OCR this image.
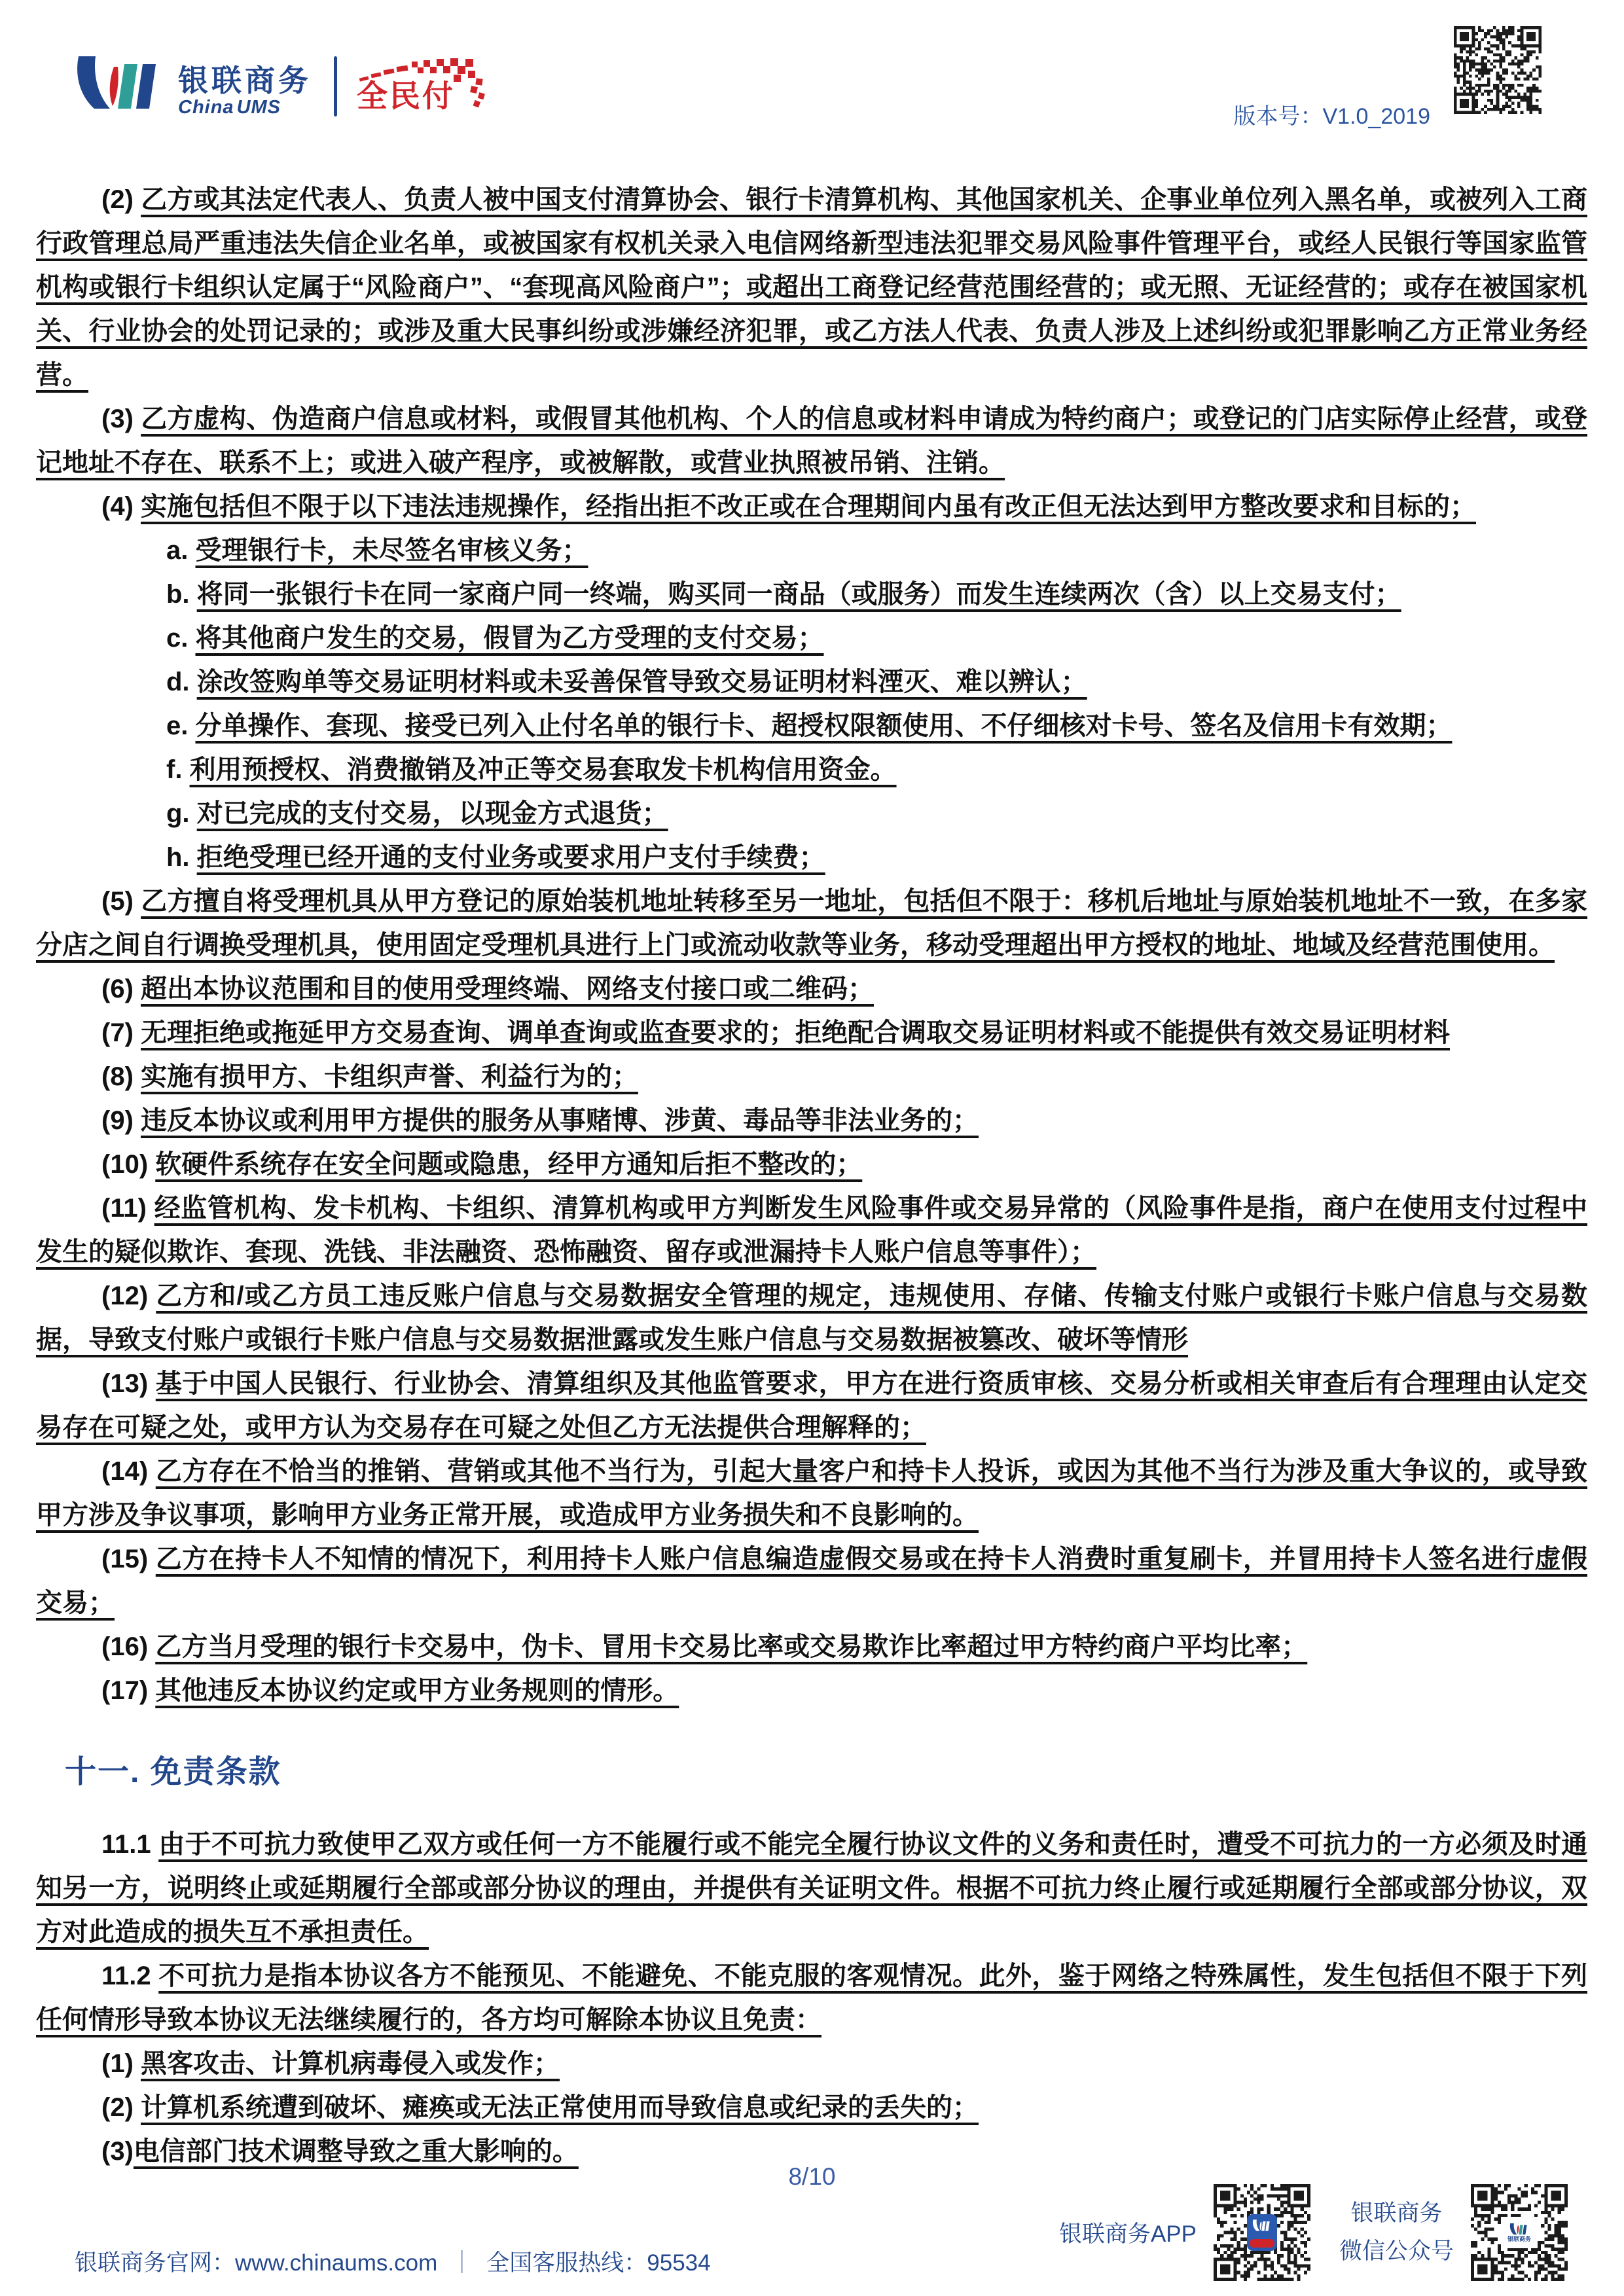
银联商务
China UMS	全民付
版本号：V1.0_2019

(2) 乙方或其法定代表人、负责人被中国支付清算协会、银行卡清算机构、其他国家机关、企事业单位列入黑名单，或被列入工商行政管理总局严重违法失信企业名单，或被国家有权机关录入电信网络新型违法犯罪交易风险事件管理平台，或经人民银行等国家监管机构或银行卡组织认定属于“风险商户”、“套现高风险商户”；或超出工商登记经营范围经营的；或无照、无证经营的；或存在被国家机关、行业协会的处罚记录的；或涉及重大民事纠纷或涉嫌经济犯罪，或乙方法人代表、负责人涉及上述纠纷或犯罪影响乙方正常业务经营。

(3) 乙方虚构、伪造商户信息或材料，或假冒其他机构、个人的信息或材料申请成为特约商户；或登记的门店实际停止经营，或登记地址不存在、联系不上；或进入破产程序，或被解散，或营业执照被吊销、注销。

(4) 实施包括但不限于以下违法违规操作，经指出拒不改正或在合理期间内虽有改正但无法达到甲方整改要求和目标的；

a. 受理银行卡，未尽签名审核义务；

b. 将同一张银行卡在同一家商户同一终端，购买同一商品（或服务）而发生连续两次（含）以上交易支付；

c. 将其他商户发生的交易，假冒为乙方受理的支付交易；

d. 涂改签购单等交易证明材料或未妥善保管导致交易证明材料湮灭、难以辨认；

e. 分单操作、套现、接受已列入止付名单的银行卡、超授权限额使用、不仔细核对卡号、签名及信用卡有效期；

f. 利用预授权、消费撤销及冲正等交易套取发卡机构信用资金。

g. 对已完成的支付交易，以现金方式退货；

h. 拒绝受理已经开通的支付业务或要求用户支付手续费；

(5) 乙方擅自将受理机具从甲方登记的原始装机地址转移至另一地址，包括但不限于：移机后地址与原始装机地址不一致，在多家分店之间自行调换受理机具，使用固定受理机具进行上门或流动收款等业务，移动受理超出甲方授权的地址、地域及经营范围使用。

(6) 超出本协议范围和目的使用受理终端、网络支付接口或二维码；

(7) 无理拒绝或拖延甲方交易查询、调单查询或监查要求的；拒绝配合调取交易证明材料或不能提供有效交易证明材料

(8) 实施有损甲方、卡组织声誉、利益行为的；

(9) 违反本协议或利用甲方提供的服务从事赌博、涉黄、毒品等非法业务的；

(10) 软硬件系统存在安全问题或隐患，经甲方通知后拒不整改的；

(11) 经监管机构、发卡机构、卡组织、清算机构或甲方判断发生风险事件或交易异常的（风险事件是指，商户在使用支付过程中发生的疑似欺诈、套现、洗钱、非法融资、恐怖融资、留存或泄漏持卡人账户信息等事件）；

(12) 乙方和/或乙方员工违反账户信息与交易数据安全管理的规定，违规使用、存储、传输支付账户或银行卡账户信息与交易数据，导致支付账户或银行卡账户信息与交易数据泄露或发生账户信息与交易数据被篡改、破坏等情形

(13) 基于中国人民银行、行业协会、清算组织及其他监管要求，甲方在进行资质审核、交易分析或相关审查后有合理理由认定交易存在可疑之处，或甲方认为交易存在可疑之处但乙方无法提供合理解释的；

(14) 乙方存在不恰当的推销、营销或其他不当行为，引起大量客户和持卡人投诉，或因为其他不当行为涉及重大争议的，或导致甲方涉及争议事项，影响甲方业务正常开展，或造成甲方业务损失和不良影响的。

(15) 乙方在持卡人不知情的情况下，利用持卡人账户信息编造虚假交易或在持卡人消费时重复刷卡，并冒用持卡人签名进行虚假交易；

(16) 乙方当月受理的银行卡交易中，伪卡、冒用卡交易比率或交易欺诈比率超过甲方特约商户平均比率；

(17) 其他违反本协议约定或甲方业务规则的情形。

十一. 免责条款

11.1 由于不可抗力致使甲乙双方或任何一方不能履行或不能完全履行协议文件的义务和责任时，遭受不可抗力的一方必须及时通知另一方，说明终止或延期履行全部或部分协议的理由，并提供有关证明文件。根据不可抗力终止履行或延期履行全部或部分协议，双方对此造成的损失互不承担责任。

11.2 不可抗力是指本协议各方不能预见、不能避免、不能克服的客观情况。此外，鉴于网络之特殊属性，发生包括但不限于下列任何情形导致本协议无法继续履行的，各方均可解除本协议且免责：

(1) 黑客攻击、计算机病毒侵入或发作；

(2) 计算机系统遭到破坏、瘫痪或无法正常使用而导致信息或纪录的丢失的；

(3)电信部门技术调整导致之重大影响的。

8/10
银联商务官网：www.chinaums.com ｜ 全国客服热线：95534
银联商务APP
银联商务
微信公众号	银联商务
